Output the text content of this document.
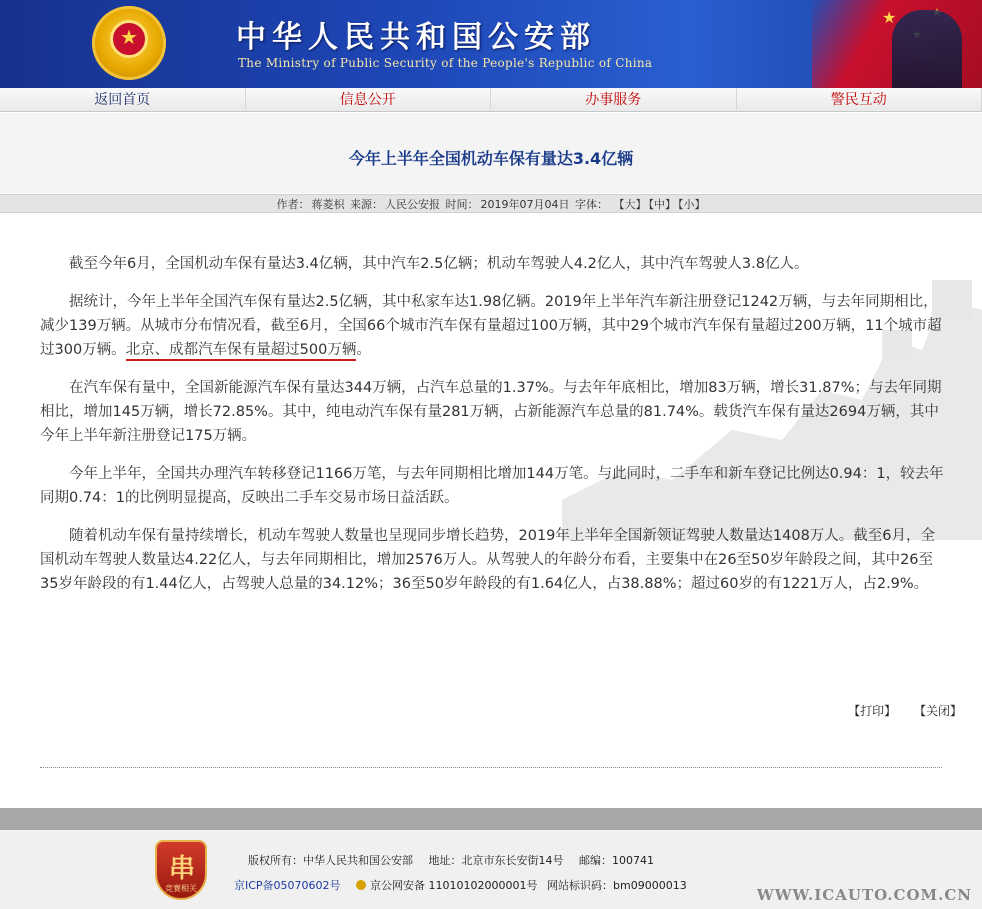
★
中华人民共和国公安部
The Ministry of Public Security of the People's Republic of China
★
返回首页	信息公开	办事服务	警民互动
今年上半年全国机动车保有量达3.4亿辆
作者： 蒋菱枳 来源： 人民公安报 时间： 2019年07月04日 字体： 【大】 【中】 【小】

截至今年6月，全国机动车保有量达3.4亿辆，其中汽车2.5亿辆；机动车驾驶人4.2亿人，其中汽车驾驶人3.8亿人。

据统计，今年上半年全国汽车保有量达2.5亿辆，其中私家车达1.98亿辆。2019年上半年汽车新注册登记1242万辆，与去年同期相比，减少139万辆。从城市分布情况看，截至6月，全国66个城市汽车保有量超过100万辆，其中29个城市汽车保有量超过200万辆，11个城市超过300万辆。北京、成都汽车保有量超过500万辆。

在汽车保有量中，全国新能源汽车保有量达344万辆，占汽车总量的1.37%。与去年年底相比，增加83万辆，增长31.87%；与去年同期相比，增加145万辆，增长72.85%。其中，纯电动汽车保有量281万辆，占新能源汽车总量的81.74%。载货汽车保有量达2694万辆，其中今年上半年新注册登记175万辆。

今年上半年，全国共办理汽车转移登记1166万笔，与去年同期相比增加144万笔。与此同时，二手车和新车登记比例达0.94：1，较去年同期0.74：1的比例明显提高，反映出二手车交易市场日益活跃。

随着机动车保有量持续增长，机动车驾驶人数量也呈现同步增长趋势，2019年上半年全国新领证驾驶人数量达1408万人。截至6月，全国机动车驾驶人数量达4.22亿人，与去年同期相比，增加2576万人。从驾驶人的年龄分布看，主要集中在26至50岁年龄段之间，其中26至35岁年龄段的有1.44亿人，占驾驶人总量的34.12%；36至50岁年龄段的有1.64亿人，占38.88%；超过60岁的有1221万人，占2.9%。

【打印】 【关闭】
串
竞赛相关
版权所有：中华人民共和国公安部 地址：北京市东长安街14号 邮编：100741
京ICP备05070602号	京公网安备 11010102000001号 网站标识码：bm09000013
WWW.ICAUTO.COM.CN
